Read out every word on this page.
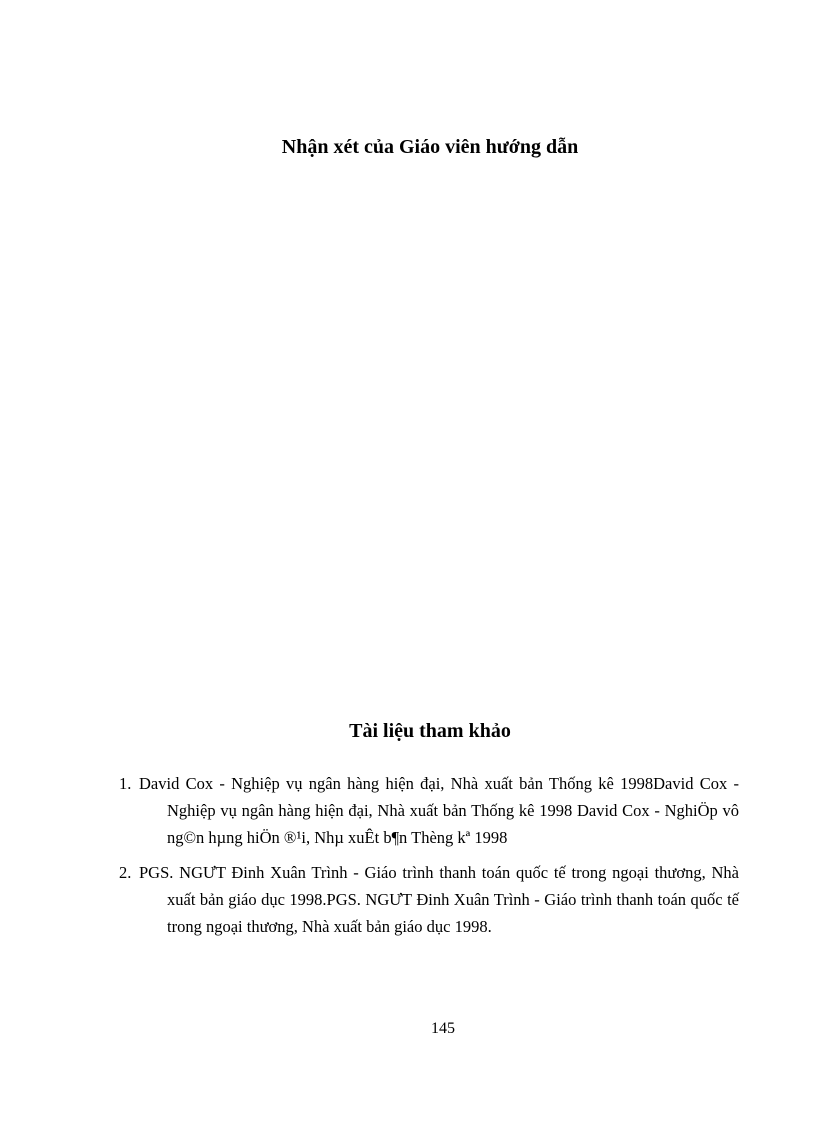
Nhận xét của Giáo viên hướng dẫn
Tài liệu tham khảo
1. David Cox - Nghiệp vụ ngân hàng hiện đại, Nhà xuất bản Thống kê 1998David Cox - Nghiệp vụ ngân hàng hiện đại, Nhà xuất bản Thống kê 1998 David Cox - NghiÖp vô ng©n hµng hiÖn ®¹i, Nhµ xuÊt b¶n Thèng kª 1998
2. PGS. NGƯT Đinh Xuân Trình - Giáo trình thanh toán quốc tế trong ngoại thương, Nhà xuất bản giáo dục 1998.PGS. NGƯT Đinh Xuân Trình - Giáo trình thanh toán quốc tế trong ngoại thương, Nhà xuất bản giáo dục 1998.
145
